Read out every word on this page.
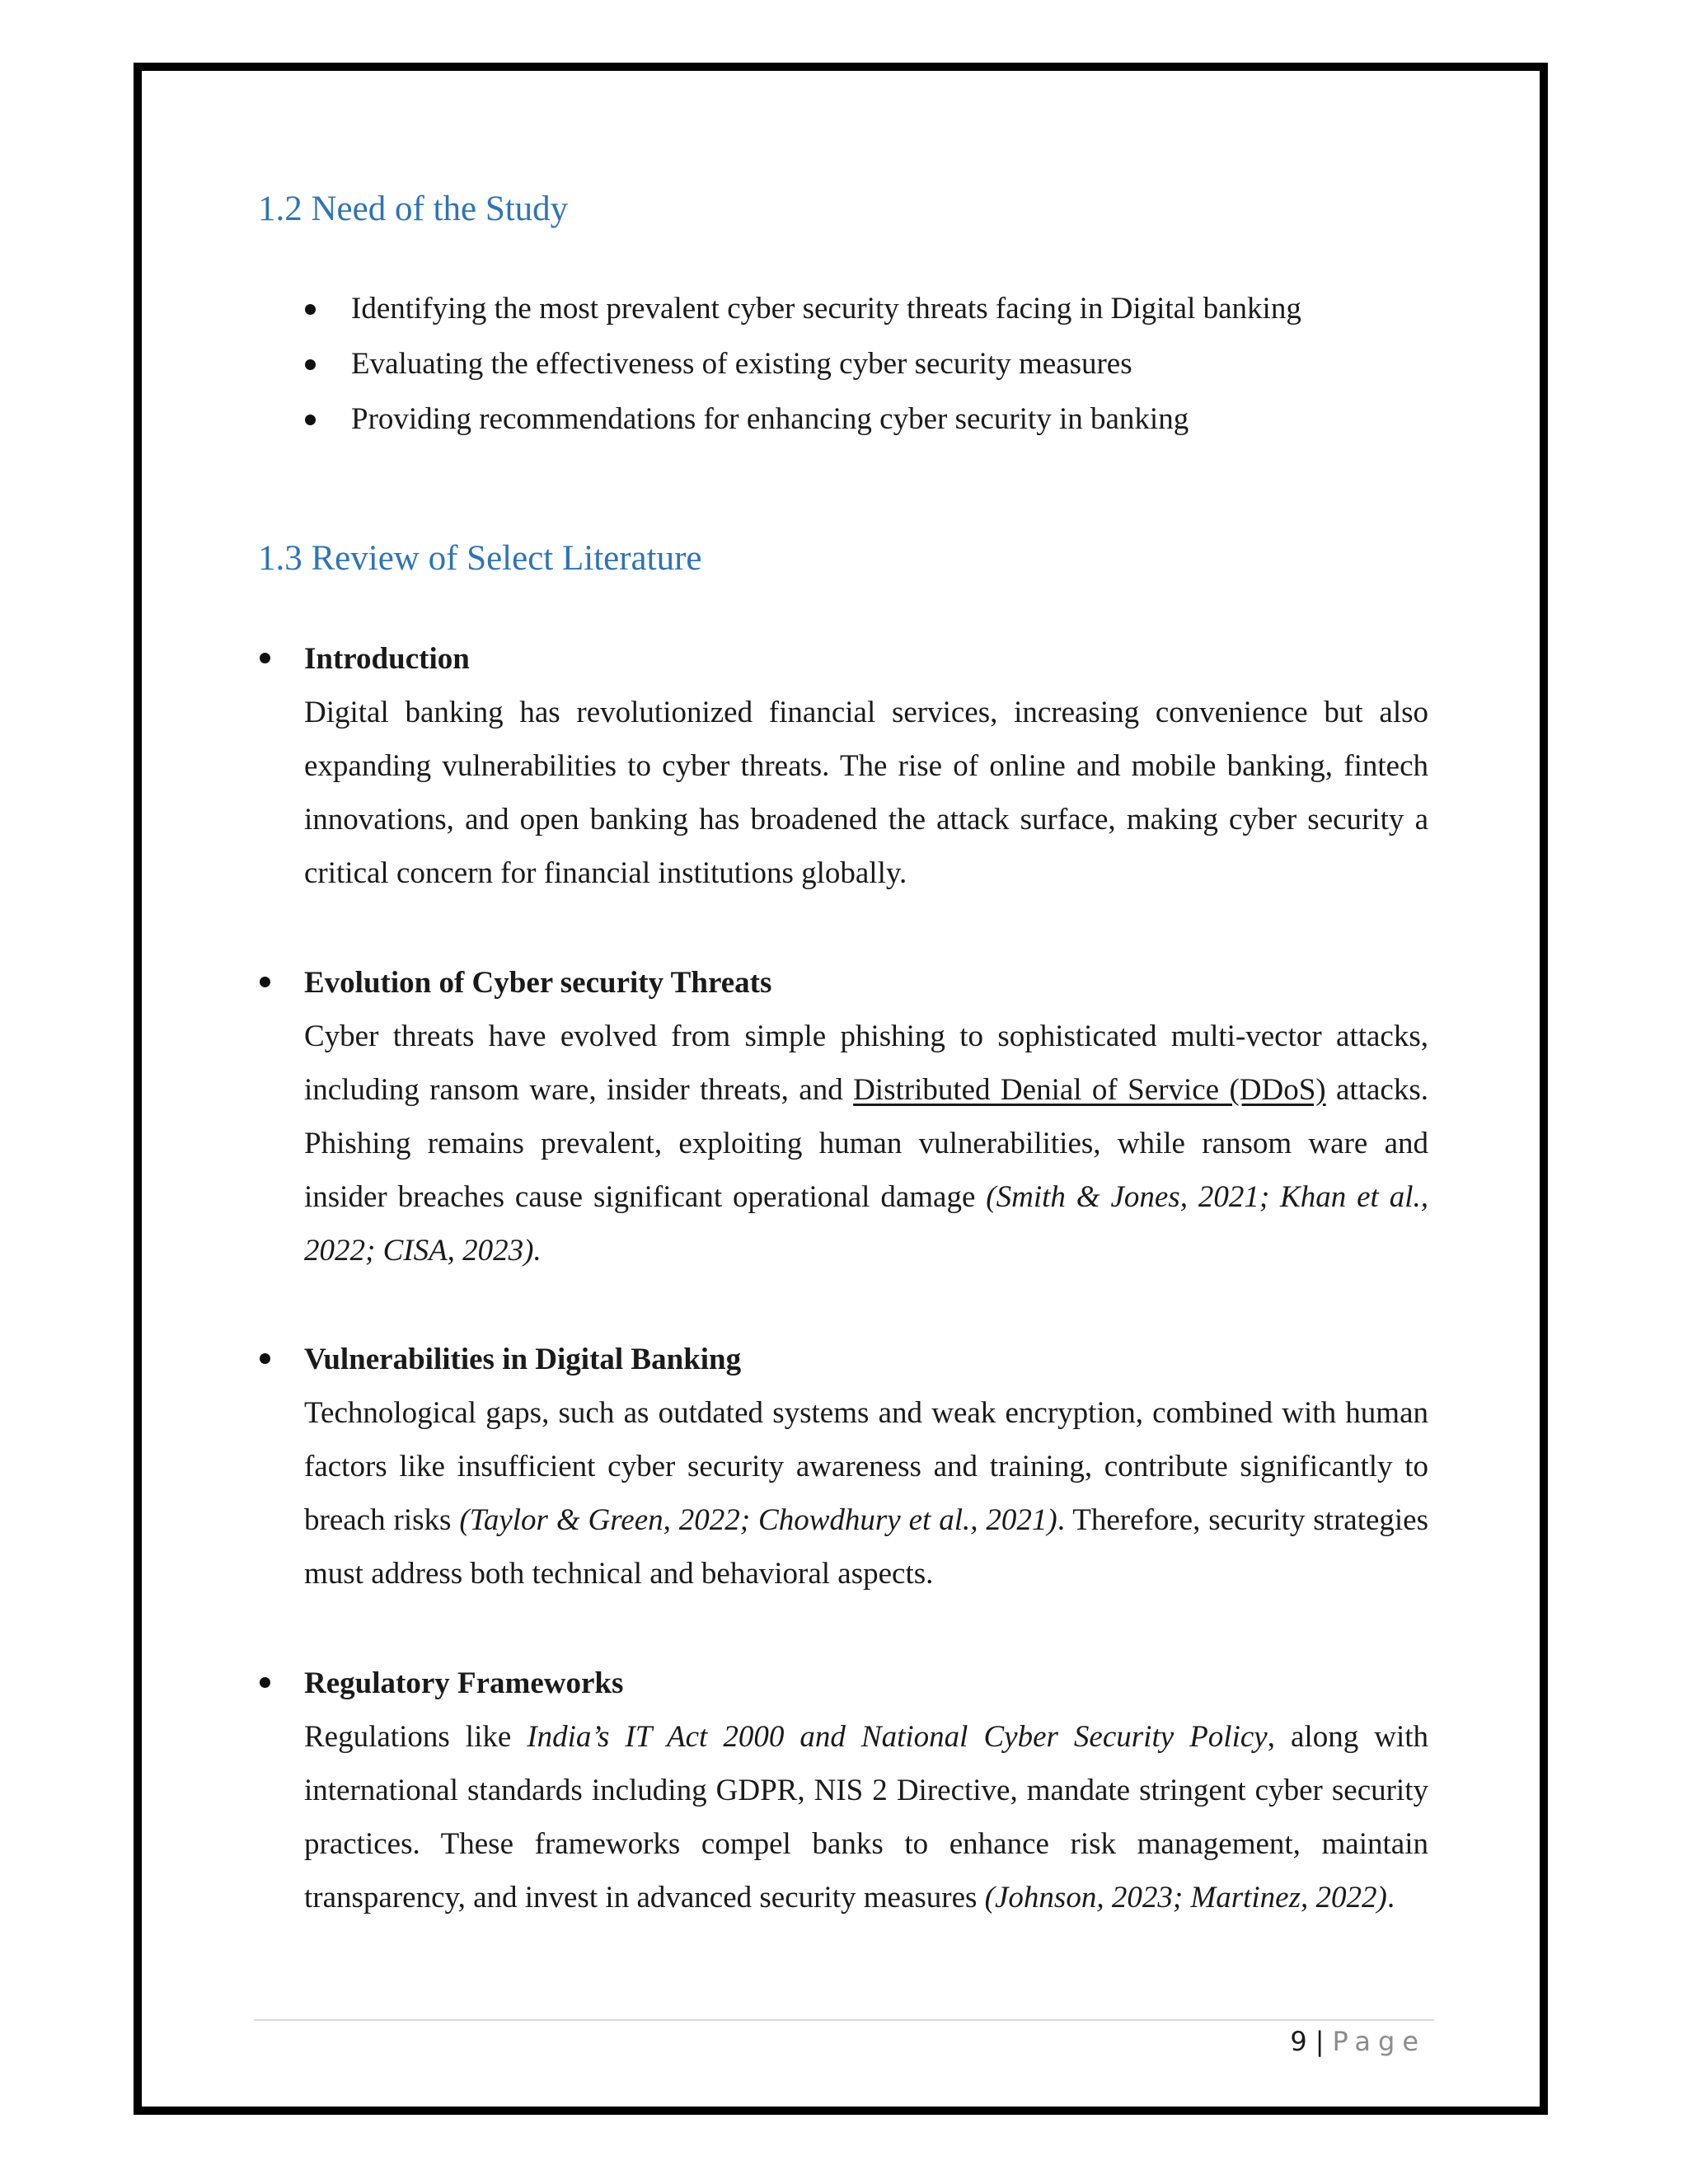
1.2 Need of the Study
Identifying the most prevalent cyber security threats facing in Digital banking
Evaluating the effectiveness of existing cyber security measures
Providing recommendations for enhancing cyber security in banking
1.3 Review of Select Literature
Introduction
Digital banking has revolutionized financial services, increasing convenience but also expanding vulnerabilities to cyber threats. The rise of online and mobile banking, fintech innovations, and open banking has broadened the attack surface, making cyber security a critical concern for financial institutions globally.
Evolution of Cyber security Threats
Cyber threats have evolved from simple phishing to sophisticated multi-vector attacks, including ransom ware, insider threats, and Distributed Denial of Service (DDoS) attacks. Phishing remains prevalent, exploiting human vulnerabilities, while ransom ware and insider breaches cause significant operational damage (Smith & Jones, 2021; Khan et al., 2022; CISA, 2023).
Vulnerabilities in Digital Banking
Technological gaps, such as outdated systems and weak encryption, combined with human factors like insufficient cyber security awareness and training, contribute significantly to breach risks (Taylor & Green, 2022; Chowdhury et al., 2021). Therefore, security strategies must address both technical and behavioral aspects.
Regulatory Frameworks
Regulations like India’s IT Act 2000 and National Cyber Security Policy, along with international standards including GDPR, NIS 2 Directive, mandate stringent cyber security practices. These frameworks compel banks to enhance risk management, maintain transparency, and invest in advanced security measures (Johnson, 2023; Martinez, 2022).
9 | Page
